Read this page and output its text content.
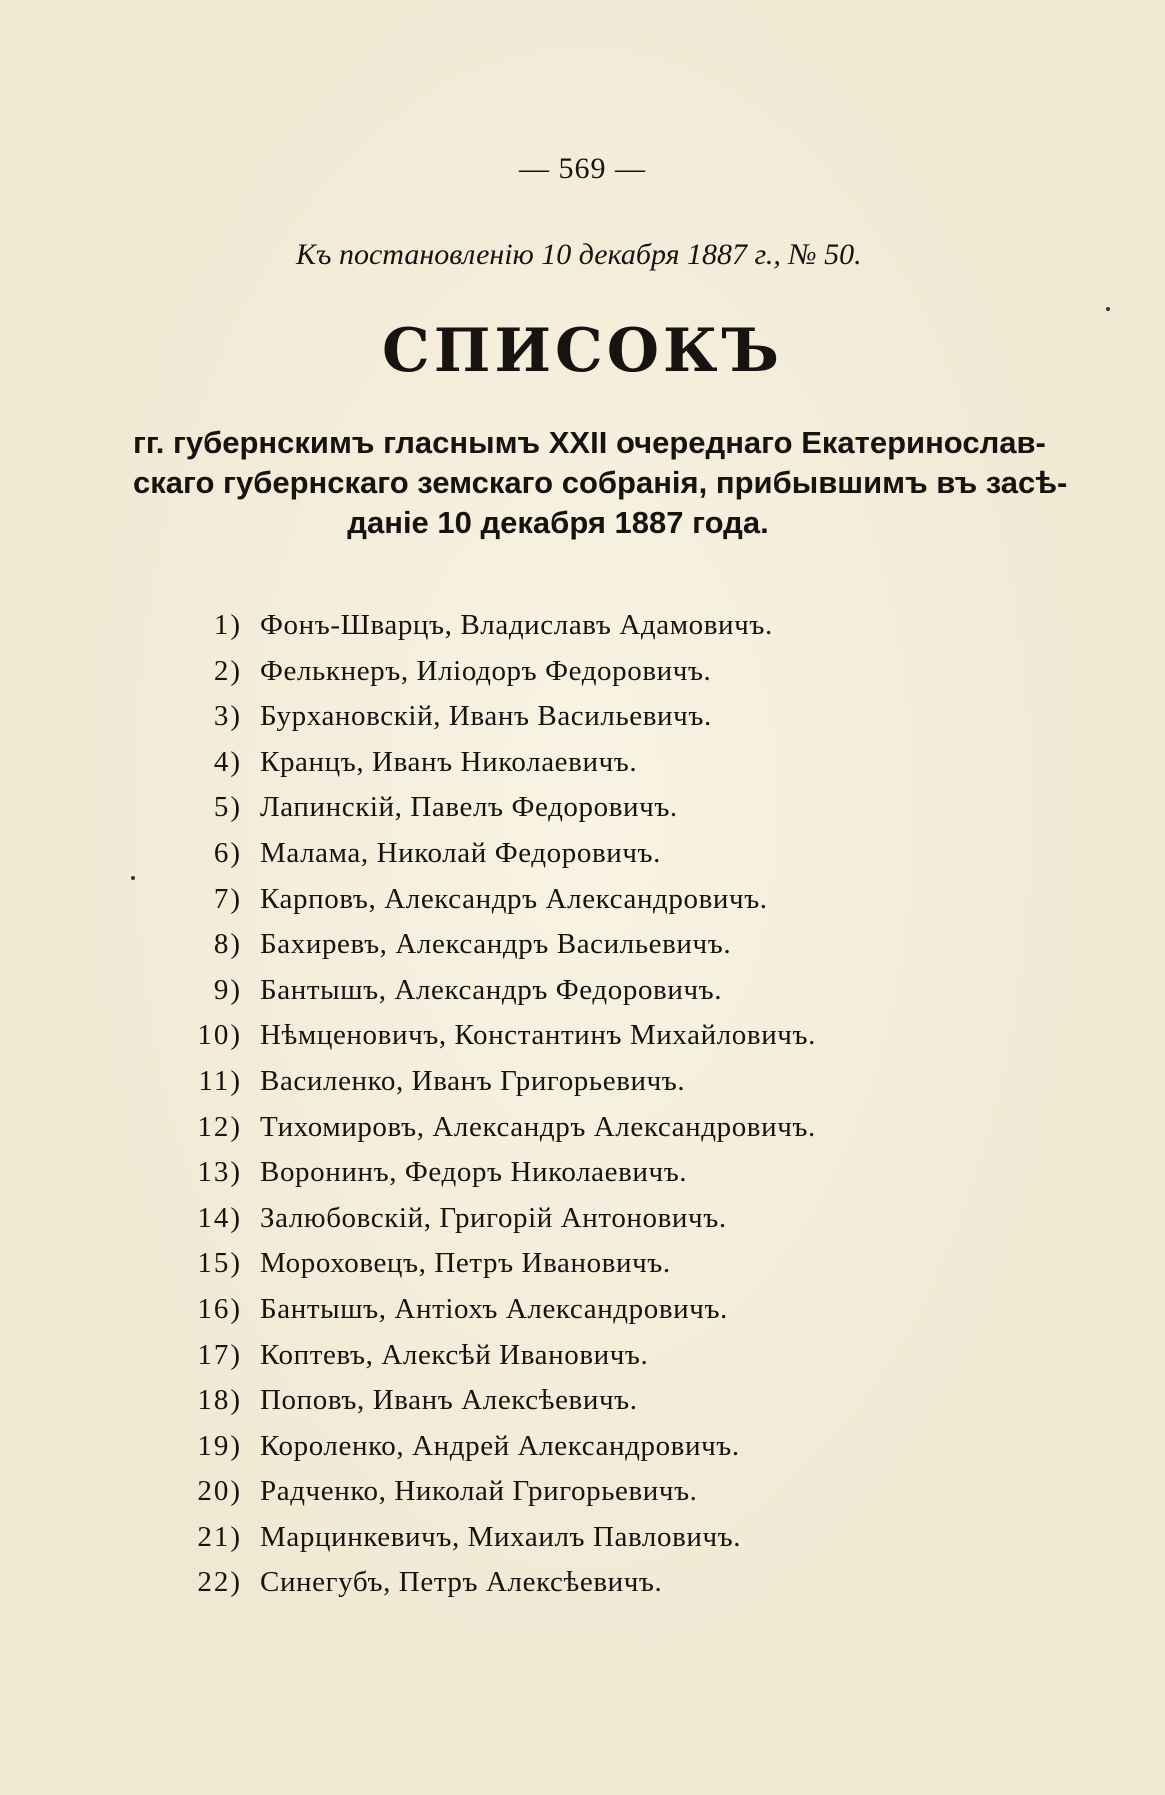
— 569 —
Къ постановленію 10 декабря 1887 г., № 50.
СПИСОКЪ
гг. губернскимъ гласнымъ XXII очереднаго Екатеринослав-
скаго губернскаго земскаго собранія, прибывшимъ въ засѣ-
даніе 10 декабря 1887 года.
1) Фонъ-Шварцъ, Владиславъ Адамовичъ.
2) Фелькнеръ, Иліодоръ Федоровичъ.
3) Бурхановскій, Иванъ Васильевичъ.
4) Кранцъ, Иванъ Николаевичъ.
5) Лапинскій, Павелъ Федоровичъ.
6) Малама, Николай Федоровичъ.
7) Карповъ, Александръ Александровичъ.
8) Бахиревъ, Александръ Васильевичъ.
9) Бантышъ, Александръ Федоровичъ.
10) Нѣмценовичъ, Константинъ Михайловичъ.
11) Василенко, Иванъ Григорьевичъ.
12) Тихомировъ, Александръ Александровичъ.
13) Воронинъ, Федоръ Николаевичъ.
14) Залюбовскій, Григорій Антоновичъ.
15) Мороховецъ, Петръ Ивановичъ.
16) Бантышъ, Антіохъ Александровичъ.
17) Коптевъ, Алексѣй Ивановичъ.
18) Поповъ, Иванъ Алексѣевичъ.
19) Короленко, Андрей Александровичъ.
20) Радченко, Николай Григорьевичъ.
21) Марцинкевичъ, Михаилъ Павловичъ.
22) Синегубъ, Петръ Алексѣевичъ.
